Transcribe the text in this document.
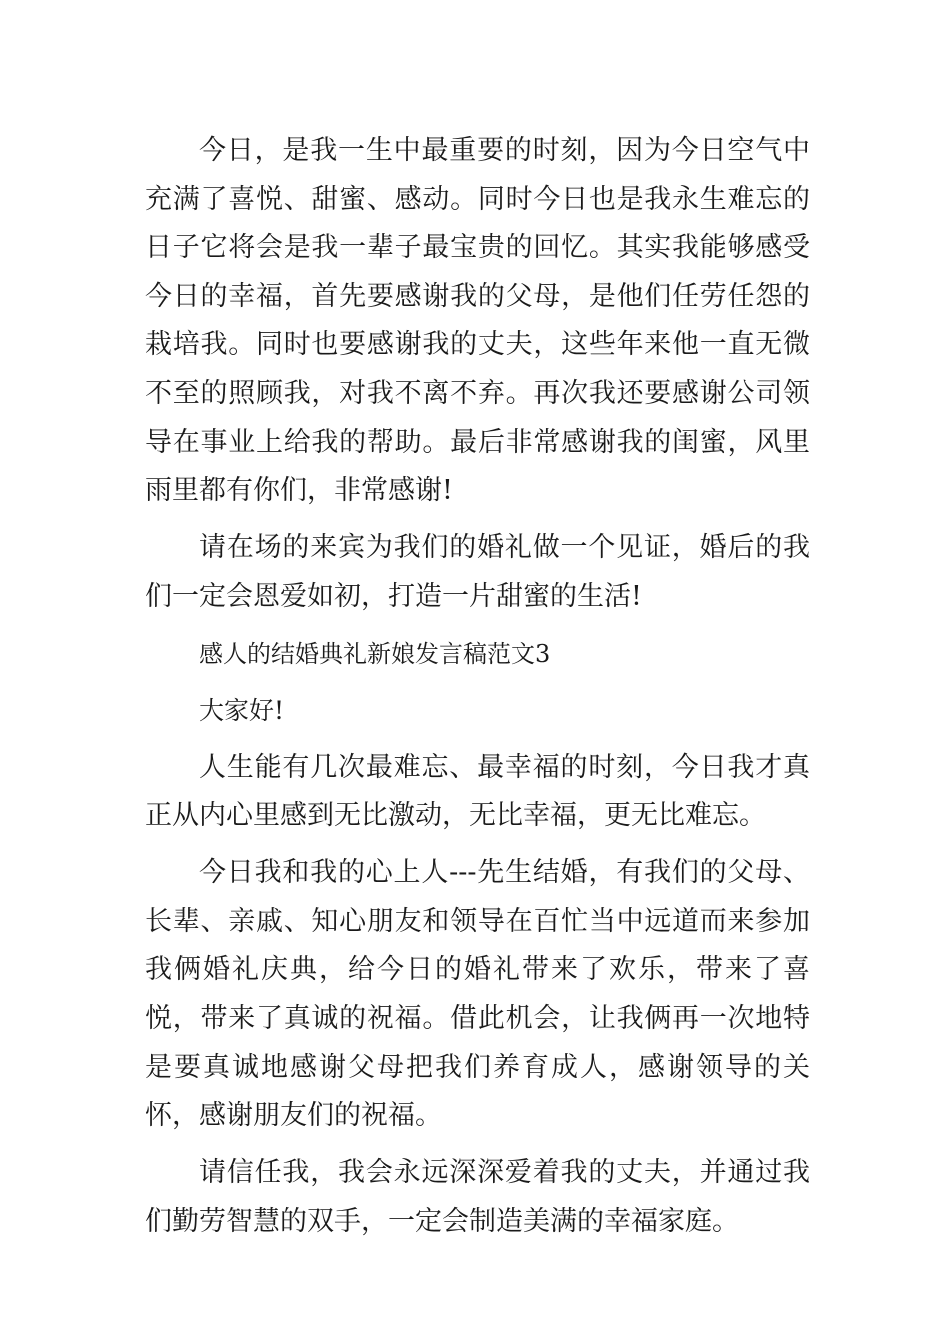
今日，是我一生中最重要的时刻，因为今日空气中充满了喜悦、甜蜜、感动。同时今日也是我永生难忘的日子它将会是我一辈子最宝贵的回忆。其实我能够感受今日的幸福，首先要感谢我的父母，是他们任劳任怨的栽培我。同时也要感谢我的丈夫，这些年来他一直无微不至的照顾我，对我不离不弃。再次我还要感谢公司领导在事业上给我的帮助。最后非常感谢我的闺蜜，风里雨里都有你们，非常感谢!

请在场的来宾为我们的婚礼做一个见证，婚后的我们一定会恩爱如初，打造一片甜蜜的生活!

感人的结婚典礼新娘发言稿范文3

大家好!

人生能有几次最难忘、最幸福的时刻，今日我才真正从内心里感到无比激动，无比幸福，更无比难忘。

今日我和我的心上人---先生结婚，有我们的父母、长辈、亲戚、知心朋友和领导在百忙当中远道而来参加我俩婚礼庆典，给今日的婚礼带来了欢乐，带来了喜悦，带来了真诚的祝福。借此机会，让我俩再一次地特是要真诚地感谢父母把我们养育成人，感谢领导的关怀，感谢朋友们的祝福。

请信任我，我会永远深深爱着我的丈夫，并通过我们勤劳智慧的双手，一定会制造美满的幸福家庭。
